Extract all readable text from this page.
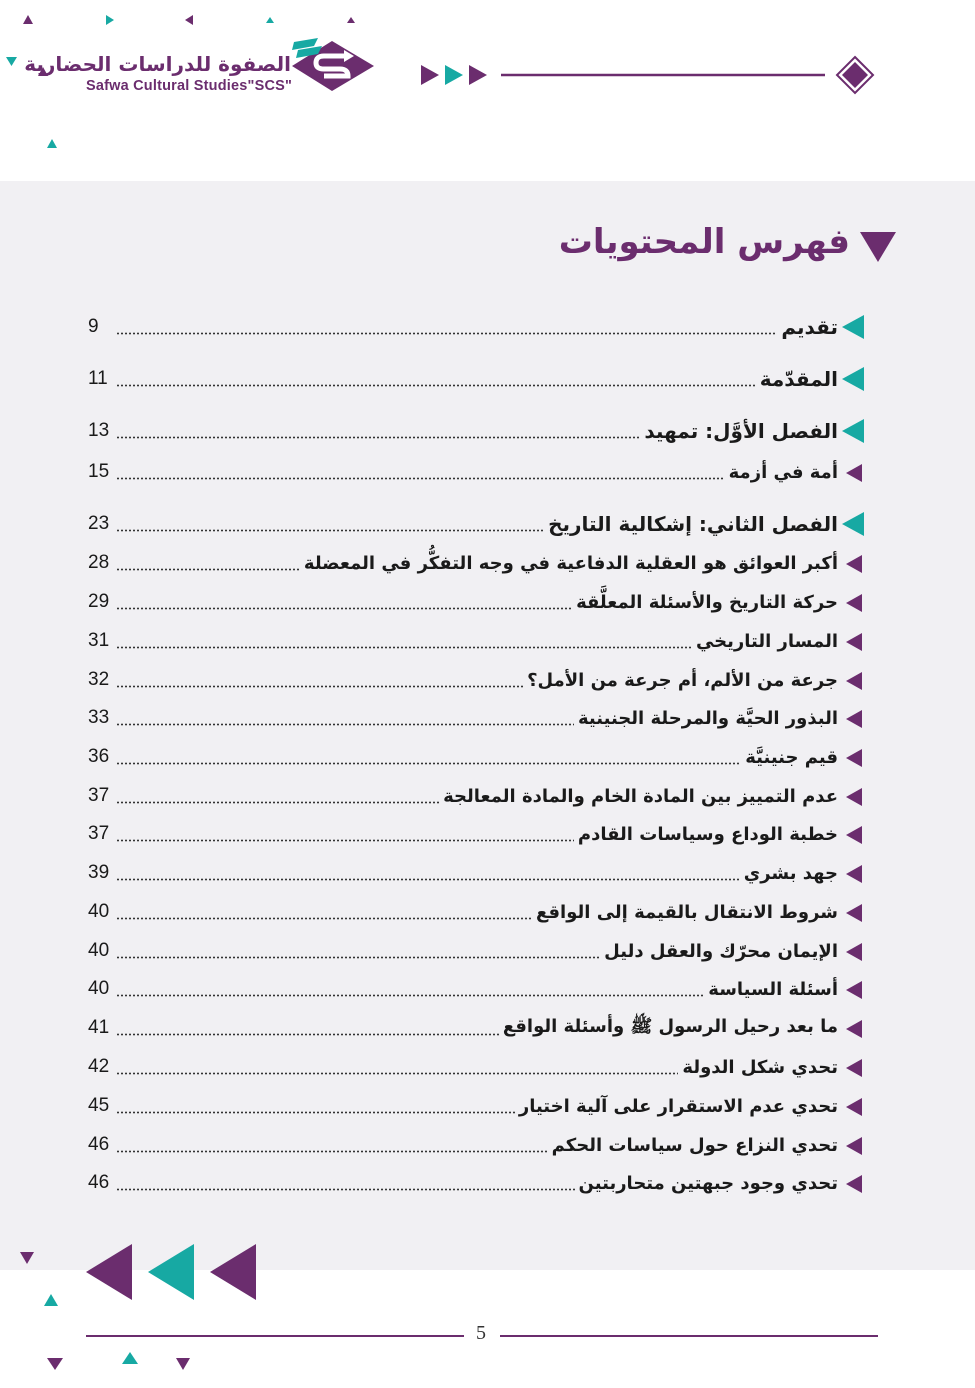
الصفوة للدراسات الحضارية
Safwa Cultural Studies"SCS"
فهرس المحتويات
تقديم
9
المقدّمة
11
الفصل الأوَّل: تمهيد
13
أمة في أزمة
15
الفصل الثاني: إشكالية التاريخ
23
أكبر العوائق هو العقلية الدفاعية في وجه التفكُّر في المعضلة
28
حركة التاريخ والأسئلة المعلَّقة
29
المسار التاريخي
31
جرعة من الألم، أم جرعة من الأمل؟
32
البذور الحيَّة والمرحلة الجنينية
33
قيم جنينيَّة
36
عدم التمييز بين المادة الخام والمادة المعالجة
37
خطبة الوداع وسياسات القادم
37
جهد بشري
39
شروط الانتقال بالقيمة إلى الواقع
40
الإيمان محرّك والعقل دليل
40
أسئلة السياسة
40
ما بعد رحيل الرسول ﷺ وأسئلة الواقع
41
تحدي شكل الدولة
42
تحدي عدم الاستقرار على آلية اختيار
45
تحدي النزاع حول سياسات الحكم
46
تحدي وجود جبهتين متحاربتين
46
5
